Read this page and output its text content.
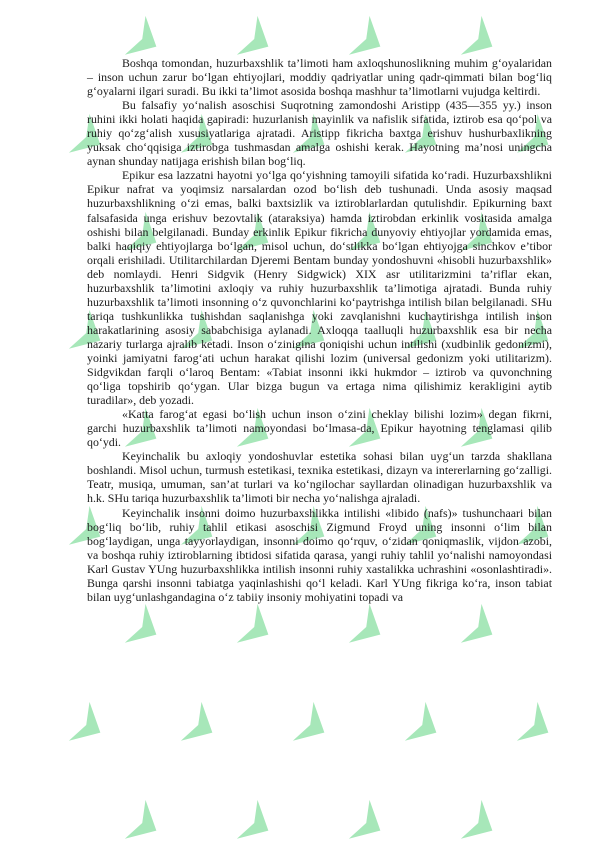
Boshqa tomondan, huzurbaxshlik ta’limoti ham axloqshunoslikning muhim g‘oyalaridan – inson uchun zarur bo‘lgan ehtiyojlari, moddiy qadriyatlar uning qadr-qimmati bilan bog‘liq g‘oyalarni ilgari suradi. Bu ikki ta’limot asosida boshqa mashhur ta’limotlarni vujudga keltirdi.

Bu falsafiy yo‘nalish asoschisi Suqrotning zamondoshi Aristipp (435—355 yy.) inson ruhini ikki holati haqida gapiradi: huzurlanish mayinlik va nafislik sifatida, iztirob esa qo‘pol va ruhiy qo‘zg‘alish xususiyatlariga ajratadi. Aristipp fikricha baxtga erishuv hushurbaxlikning yuksak cho‘qqisiga iztirobga tushmasdan amalga oshishi kerak. Hayotning ma’nosi uningcha aynan shunday natijaga erishish bilan bog‘liq.

Epikur esa lazzatni hayotni yo‘lga qo‘yishning tamoyili sifatida ko‘radi. Huzurbaxshlikni Epikur nafrat va yoqimsiz narsalardan ozod bo‘lish deb tushunadi. Unda asosiy maqsad huzurbaxshlikning o‘zi emas, balki baxtsizlik va iztiroblarlardan qutulishdir. Epikurning baxt falsafasida unga erishuv bezovtalik (ataraksiya) hamda iztirobdan erkinlik vositasida amalga oshishi bilan belgilanadi. Bunday erkinlik Epikur fikricha dunyoviy ehtiyojlar yordamida emas, balki haqiqiy ehtiyojlarga bo‘lgan, misol uchun, do‘stlikka bo‘lgan ehtiyojga sinchkov e’tibor orqali erishiladi. Utilitarchilardan Djeremi Bentam bunday yondoshuvni «hisobli huzurbaxshlik» deb nomlaydi. Henri Sidgvik (Henry Sidgwick) XIX asr utilitarizmini ta’riflar ekan, huzurbaxshlik ta’limotini axloqiy va ruhiy huzurbaxshlik ta’limotiga ajratadi. Bunda ruhiy huzurbaxshlik ta’limoti insonning o‘z quvonchlarini ko‘paytrishga intilish bilan belgilanadi. SHu tariqa tushkunlikka tushishdan saqlanishga yoki zavqlanishni kuchaytirishga intilish inson harakatlarining asosiy sababchisiga aylanadi. Axloqqa taalluqli huzurbaxshlik esa bir necha nazariy turlarga ajralib ketadi. Inson o‘zinigina qoniqishi uchun intilishi (xudbinlik gedonizmi), yoinki jamiyatni farog‘ati uchun harakat qilishi lozim (universal gedonizm yoki utilitarizm). Sidgvikdan farqli o‘laroq Bentam: «Tabiat insonni ikki hukmdor – iztirob va quvonchning qo‘liga topshirib qo‘ygan. Ular bizga bugun va ertaga nima qilishimiz kerakligini aytib turadilar», deb yozadi.

«Katta farog‘at egasi bo‘lish uchun inson o‘zini cheklay bilishi lozim» degan fikrni, garchi huzurbaxshlik ta’limoti namoyondasi bo‘lmasa-da, Epikur hayotning tenglamasi qilib qo‘ydi.

Keyinchalik bu axloqiy yondoshuvlar estetika sohasi bilan uyg‘un tarzda shakllana boshlandi. Misol uchun, turmush estetikasi, texnika estetikasi, dizayn va intererlarning go‘zalligi. Teatr, musiqa, umuman, san’at turlari va ko‘ngilochar sayllardan olinadigan huzurbaxshlik va h.k. SHu tariqa huzurbaxshlik ta’limoti bir necha yo‘nalishga ajraladi.

Keyinchalik insonni doimo huzurbaxshlikka intilishi «libido (nafs)» tushunchaari bilan bog‘liq bo‘lib, ruhiy tahlil etikasi asoschisi Zigmund Froyd uning insonni o‘lim bilan bog‘laydigan, unga tayyorlaydigan, insonni doimo qo‘rquv, o‘zidan qoniqmaslik, vijdon azobi, va boshqa ruhiy iztiroblarning ibtidosi sifatida qarasa, yangi ruhiy tahlil yo‘nalishi namoyondasi Karl Gustav YUng huzurbaxshlikka intilish insonni ruhiy xastalikka uchrashini «osonlashtiradi». Bunga qarshi insonni tabiatga yaqinlashishi qo‘l keladi. Karl YUng fikriga ko‘ra, inson tabiat bilan uyg‘unlashgandagina o‘z tabiiy insoniy mohiyatini topadi va
